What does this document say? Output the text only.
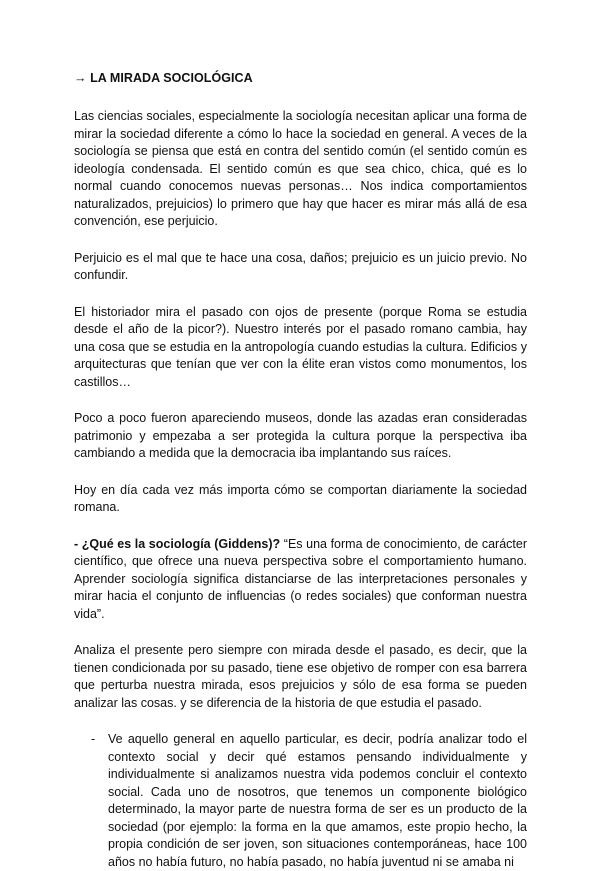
→ LA MIRADA SOCIOLÓGICA

Las ciencias sociales, especialmente la sociología necesitan aplicar una forma de mirar la sociedad diferente a cómo lo hace la sociedad en general. A veces de la sociología se piensa que está en contra del sentido común (el sentido común es ideología condensada. El sentido común es que sea chico, chica, qué es lo normal cuando conocemos nuevas personas… Nos indica comportamientos naturalizados, prejuicios) lo primero que hay que hacer es mirar más allá de esa convención, ese perjuicio.

Perjuicio es el mal que te hace una cosa, daños; prejuicio es un juicio previo. No confundir.

El historiador mira el pasado con ojos de presente (porque Roma se estudia desde el año de la picor?). Nuestro interés por el pasado romano cambia, hay una cosa que se estudia en la antropología cuando estudias la cultura. Edificios y arquitecturas que tenían que ver con la élite eran vistos como monumentos, los castillos…

Poco a poco fueron apareciendo museos, donde las azadas eran consideradas patrimonio y empezaba a ser protegida la cultura porque la perspectiva iba cambiando a medida que la democracia iba implantando sus raíces.

Hoy en día cada vez más importa cómo se comportan diariamente la sociedad romana.

- ¿Qué es la sociología (Giddens)? “Es una forma de conocimiento, de carácter científico, que ofrece una nueva perspectiva sobre el comportamiento humano. Aprender sociología significa distanciarse de las interpretaciones personales y mirar hacia el conjunto de influencias (o redes sociales) que conforman nuestra vida”.

Analiza el presente pero siempre con mirada desde el pasado, es decir, que la tienen condicionada por su pasado, tiene ese objetivo de romper con esa barrera que perturba nuestra mirada, esos prejuicios y sólo de esa forma se pueden analizar las cosas. y se diferencia de la historia de que estudia el pasado.

- Ve aquello general en aquello particular, es decir, podría analizar todo el contexto social y decir qué estamos pensando individualmente y individualmente si analizamos nuestra vida podemos concluir el contexto social. Cada uno de nosotros, que tenemos un componente biológico determinado, la mayor parte de nuestra forma de ser es un producto de la sociedad (por ejemplo: la forma en la que amamos, este propio hecho, la propia condición de ser joven, son situaciones contemporáneas, hace 100 años no había futuro, no había pasado, no había juventud ni se amaba ni
